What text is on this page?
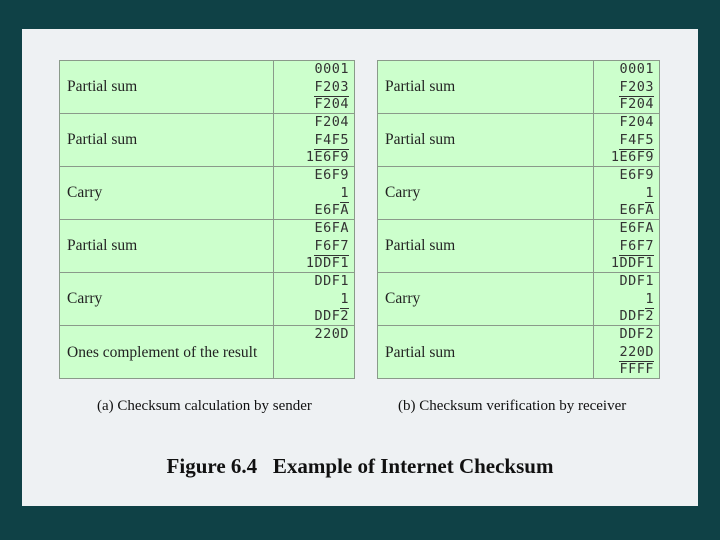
Partial sum
0001
F203
F204
Partial sum
F204
F4F5
1E6F9
Carry
E6F9
1
E6FA
Partial sum
E6FA
F6F7
1DDF1
Carry
DDF1
1
DDF2
Ones complement of the result
220D
Partial sum
0001
F203
F204
Partial sum
F204
F4F5
1E6F9
Carry
E6F9
1
E6FA
Partial sum
E6FA
F6F7
1DDF1
Carry
DDF1
1
DDF2
Partial sum
DDF2
220D
FFFF
(a) Checksum calculation by sender	(b) Checksum verification by receiver
Figure 6.4   Example of Internet Checksum
